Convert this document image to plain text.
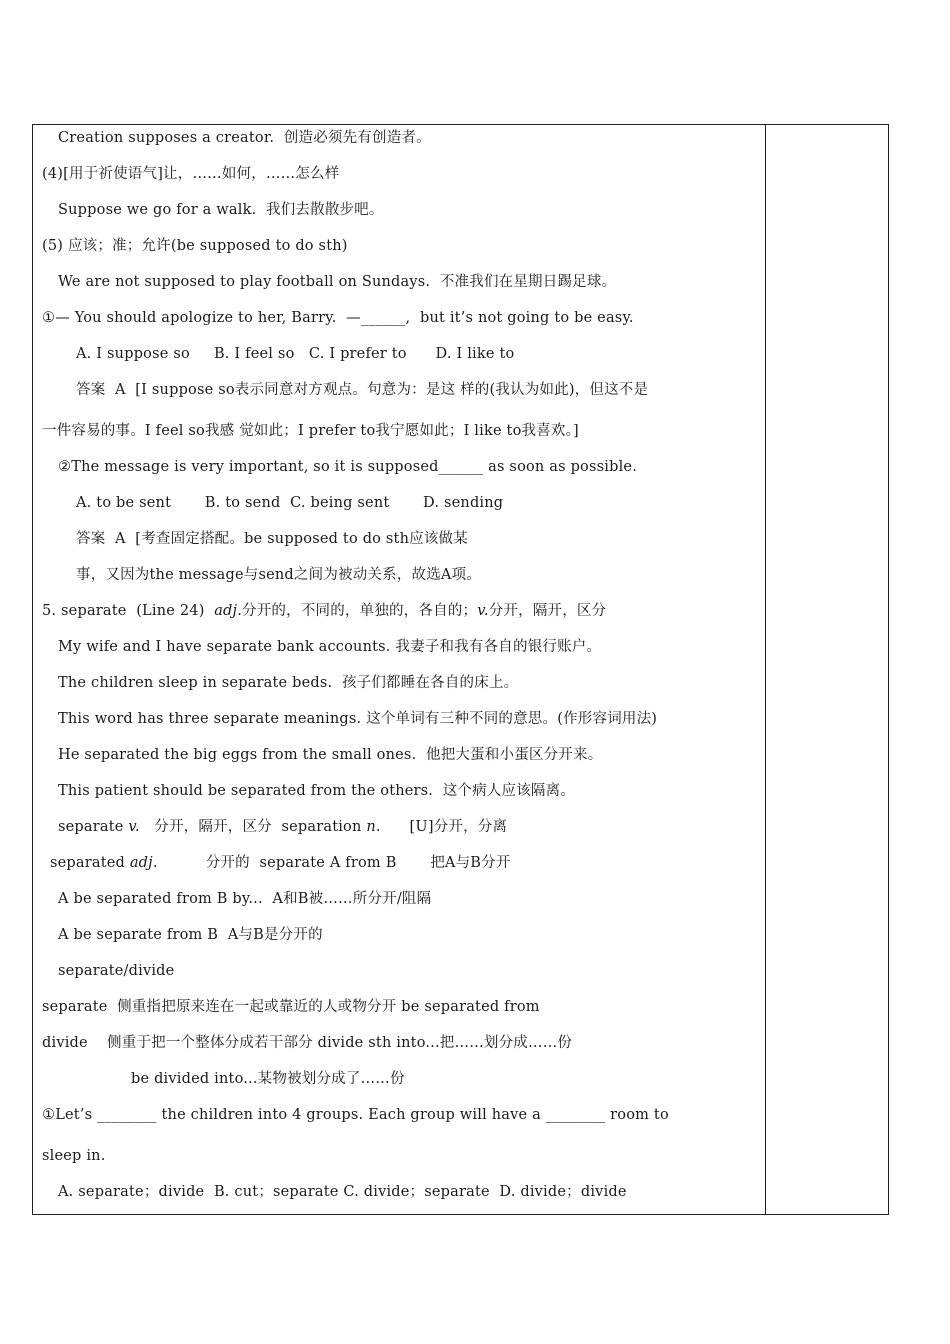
Creation supposes a creator.  创造必须先有创造者。
(4)[用于祈使语气]让，……如何，……怎么样
Suppose we go for a walk.  我们去散散步吧。
(5) 应该；准；允许(be supposed to do sth)
We are not supposed to play football on Sundays.  不准我们在星期日踢足球。
①— You should apologize to her, Barry.  —______,  but it’s not going to be easy.
A. I suppose so     B. I feel so   C. I prefer to      D. I like to
答案  A  [I suppose so表示同意对方观点。句意为：是这 样的(我认为如此)，但这不是
一件容易的事。I feel so我感 觉如此；I prefer to我宁愿如此；I like to我喜欢。]
②The message is very important, so it is supposed______ as soon as possible.
A. to be sent       B. to send  C. being sent       D. sending
答案  A  [考查固定搭配。be supposed to do sth应该做某
事，又因为the message与send之间为被动关系，故选A项。
5. separate  (Line 24)  adj.分开的，不同的，单独的，各自的；v.分开，隔开，区分
My wife and I have separate bank accounts. 我妻子和我有各自的银行账户。
The children sleep in separate beds.  孩子们都睡在各自的床上。
This word has three separate meanings. 这个单词有三种不同的意思。(作形容词用法)
He separated the big eggs from the small ones.  他把大蛋和小蛋区分开来。
This patient should be separated from the others.  这个病人应该隔离。
separate v.   分开，隔开，区分  separation n.      [U]分开，分离
separated adj.          分开的  separate A from B       把A与B分开
A be separated from B by...  A和B被……所分开/阻隔
A be separate from B  A与B是分开的
separate/divide
separate  侧重指把原来连在一起或靠近的人或物分开 be separated from
divide    侧重于把一个整体分成若干部分 divide sth into...把……划分成……份
be divided into...某物被划分成了……份
①Let’s ________ the children into 4 groups. Each group will have a ________ room to
sleep in.
A. separate；divide  B. cut；separate C. divide；separate  D. divide；divide
